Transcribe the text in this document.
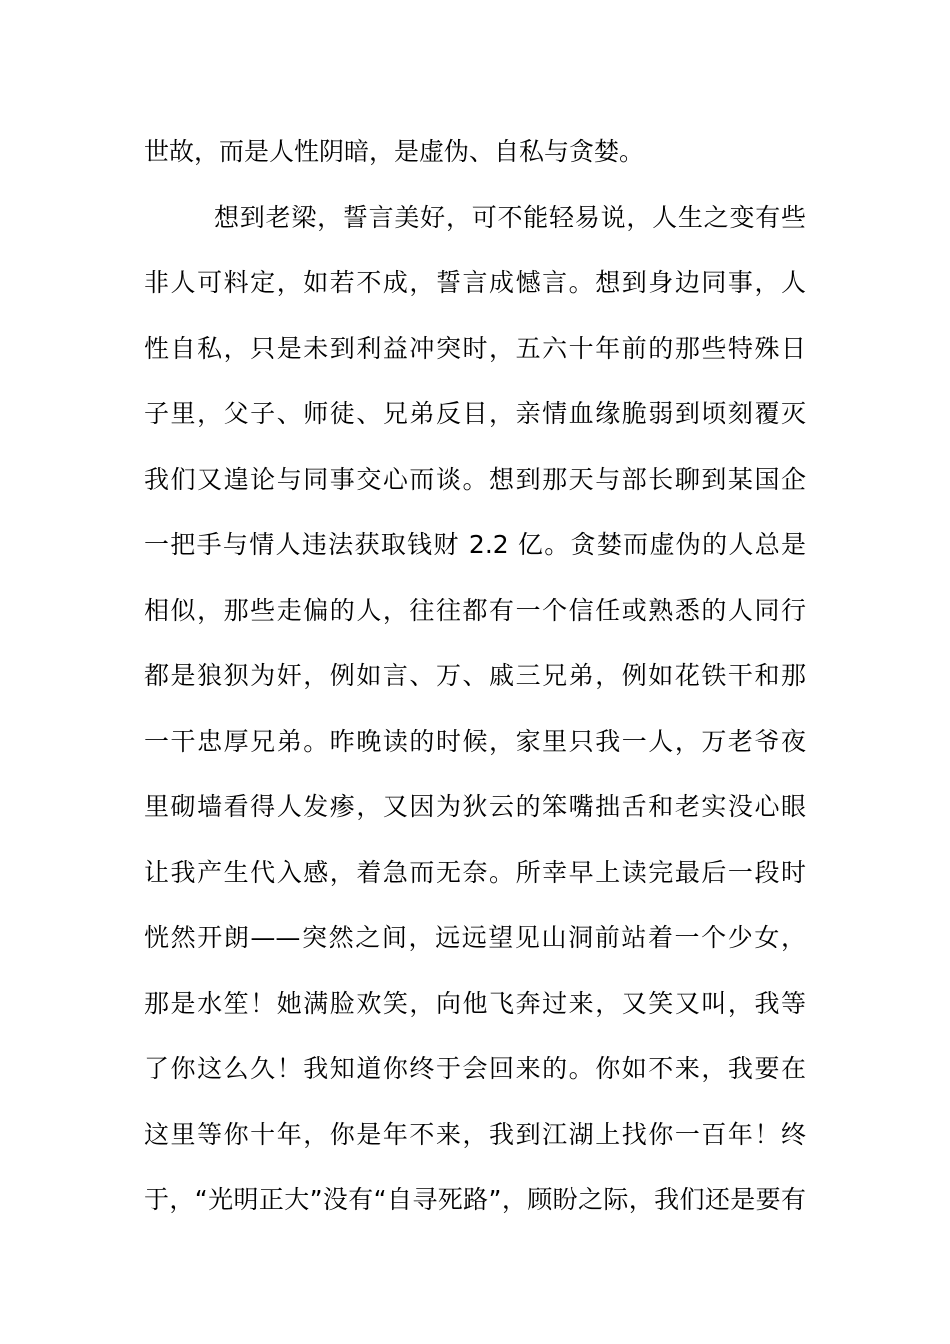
世故，而是人性阴暗，是虚伪、自私与贪婪。
想到老梁，誓言美好，可不能轻易说，人生之变有些
非人可料定，如若不成，誓言成憾言。想到身边同事，人
性自私，只是未到利益冲突时，五六十年前的那些特殊日
子里，父子、师徒、兄弟反目，亲情血缘脆弱到顷刻覆灭
我们又遑论与同事交心而谈。想到那天与部长聊到某国企
一把手与情人违法获取钱财 2.2 亿。贪婪而虚伪的人总是
相似，那些走偏的人，往往都有一个信任或熟悉的人同行
都是狼狈为奸，例如言、万、戚三兄弟，例如花铁干和那
一干忠厚兄弟。昨晚读的时候，家里只我一人，万老爷夜
里砌墙看得人发瘆，又因为狄云的笨嘴拙舌和老实没心眼
让我产生代入感，着急而无奈。所幸早上读完最后一段时
恍然开朗——突然之间，远远望见山洞前站着一个少女，
那是水笙！她满脸欢笑，向他飞奔过来，又笑又叫，我等
了你这么久！我知道你终于会回来的。你如不来，我要在
这里等你十年，你是年不来，我到江湖上找你一百年！终
于，“光明正大”没有“自寻死路”，顾盼之际，我们还是要有
